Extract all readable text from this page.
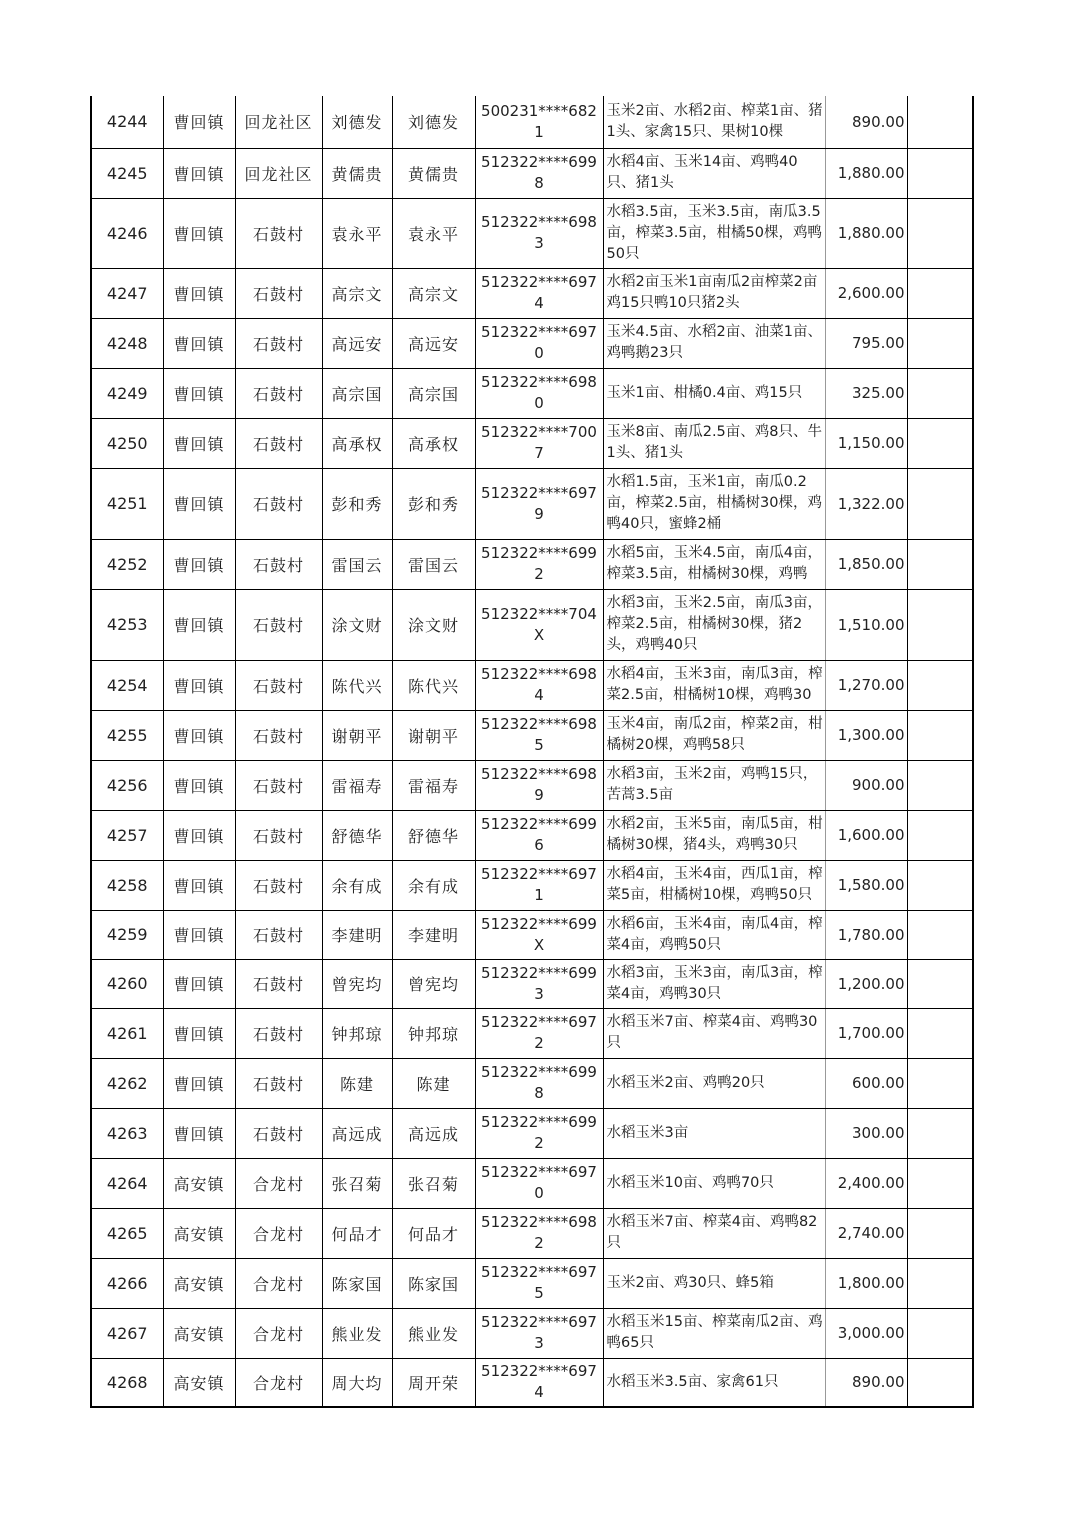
4244	曹回镇	回龙社区	刘德发	刘德发	500231****6821	玉米2亩、水稻2亩、榨菜1亩、猪1头、家禽15只、果树10棵	890.00	
4245	曹回镇	回龙社区	黄儒贵	黄儒贵	512322****6998	水稻4亩、玉米14亩、鸡鸭40只、猪1头	1,880.00	
4246	曹回镇	石鼓村	袁永平	袁永平	512322****6983	水稻3.5亩，玉米3.5亩，南瓜3.5亩，榨菜3.5亩，柑橘50棵，鸡鸭50只	1,880.00	
4247	曹回镇	石鼓村	高宗文	高宗文	512322****6974	水稻2亩玉米1亩南瓜2亩榨菜2亩鸡15只鸭10只猪2头	2,600.00	
4248	曹回镇	石鼓村	高远安	高远安	512322****6970	玉米4.5亩、水稻2亩、油菜1亩、鸡鸭鹅23只	795.00	
4249	曹回镇	石鼓村	高宗国	高宗国	512322****6980	玉米1亩、柑橘0.4亩、鸡15只	325.00	
4250	曹回镇	石鼓村	高承权	高承权	512322****7007	玉米8亩、南瓜2.5亩、鸡8只、牛1头、猪1头	1,150.00	
4251	曹回镇	石鼓村	彭和秀	彭和秀	512322****6979	水稻1.5亩，玉米1亩，南瓜0.2亩，榨菜2.5亩，柑橘树30棵，鸡鸭40只，蜜蜂2桶	1,322.00	
4252	曹回镇	石鼓村	雷国云	雷国云	512322****6992	水稻5亩，玉米4.5亩，南瓜4亩，榨菜3.5亩，柑橘树30棵，鸡鸭	1,850.00	
4253	曹回镇	石鼓村	涂文财	涂文财	512322****704X	水稻3亩，玉米2.5亩，南瓜3亩，榨菜2.5亩，柑橘树30棵，猪2头，鸡鸭40只	1,510.00	
4254	曹回镇	石鼓村	陈代兴	陈代兴	512322****6984	水稻4亩，玉米3亩，南瓜3亩，榨菜2.5亩，柑橘树10棵，鸡鸭30	1,270.00	
4255	曹回镇	石鼓村	谢朝平	谢朝平	512322****6985	玉米4亩，南瓜2亩，榨菜2亩，柑橘树20棵，鸡鸭58只	1,300.00	
4256	曹回镇	石鼓村	雷福寿	雷福寿	512322****6989	水稻3亩，玉米2亩，鸡鸭15只，苦蒿3.5亩	900.00	
4257	曹回镇	石鼓村	舒德华	舒德华	512322****6996	水稻2亩，玉米5亩，南瓜5亩，柑橘树30棵，猪4头，鸡鸭30只	1,600.00	
4258	曹回镇	石鼓村	余有成	余有成	512322****6971	水稻4亩，玉米4亩，西瓜1亩，榨菜5亩，柑橘树10棵，鸡鸭50只	1,580.00	
4259	曹回镇	石鼓村	李建明	李建明	512322****699X	水稻6亩，玉米4亩，南瓜4亩，榨菜4亩，鸡鸭50只	1,780.00	
4260	曹回镇	石鼓村	曾宪均	曾宪均	512322****6993	水稻3亩，玉米3亩，南瓜3亩，榨菜4亩，鸡鸭30只	1,200.00	
4261	曹回镇	石鼓村	钟邦琼	钟邦琼	512322****6972	水稻玉米7亩、榨菜4亩、鸡鸭30只	1,700.00	
4262	曹回镇	石鼓村	陈建	陈建	512322****6998	水稻玉米2亩、鸡鸭20只	600.00	
4263	曹回镇	石鼓村	高远成	高远成	512322****6992	水稻玉米3亩	300.00	
4264	高安镇	合龙村	张召菊	张召菊	512322****6970	水稻玉米10亩、鸡鸭70只	2,400.00	
4265	高安镇	合龙村	何品才	何品才	512322****6982	水稻玉米7亩、榨菜4亩、鸡鸭82只	2,740.00	
4266	高安镇	合龙村	陈家国	陈家国	512322****6975	玉米2亩、鸡30只、蜂5箱	1,800.00	
4267	高安镇	合龙村	熊业发	熊业发	512322****6973	水稻玉米15亩、榨菜南瓜2亩、鸡鸭65只	3,000.00	
4268	高安镇	合龙村	周大均	周开荣	512322****6974	水稻玉米3.5亩、家禽61只	890.00	
